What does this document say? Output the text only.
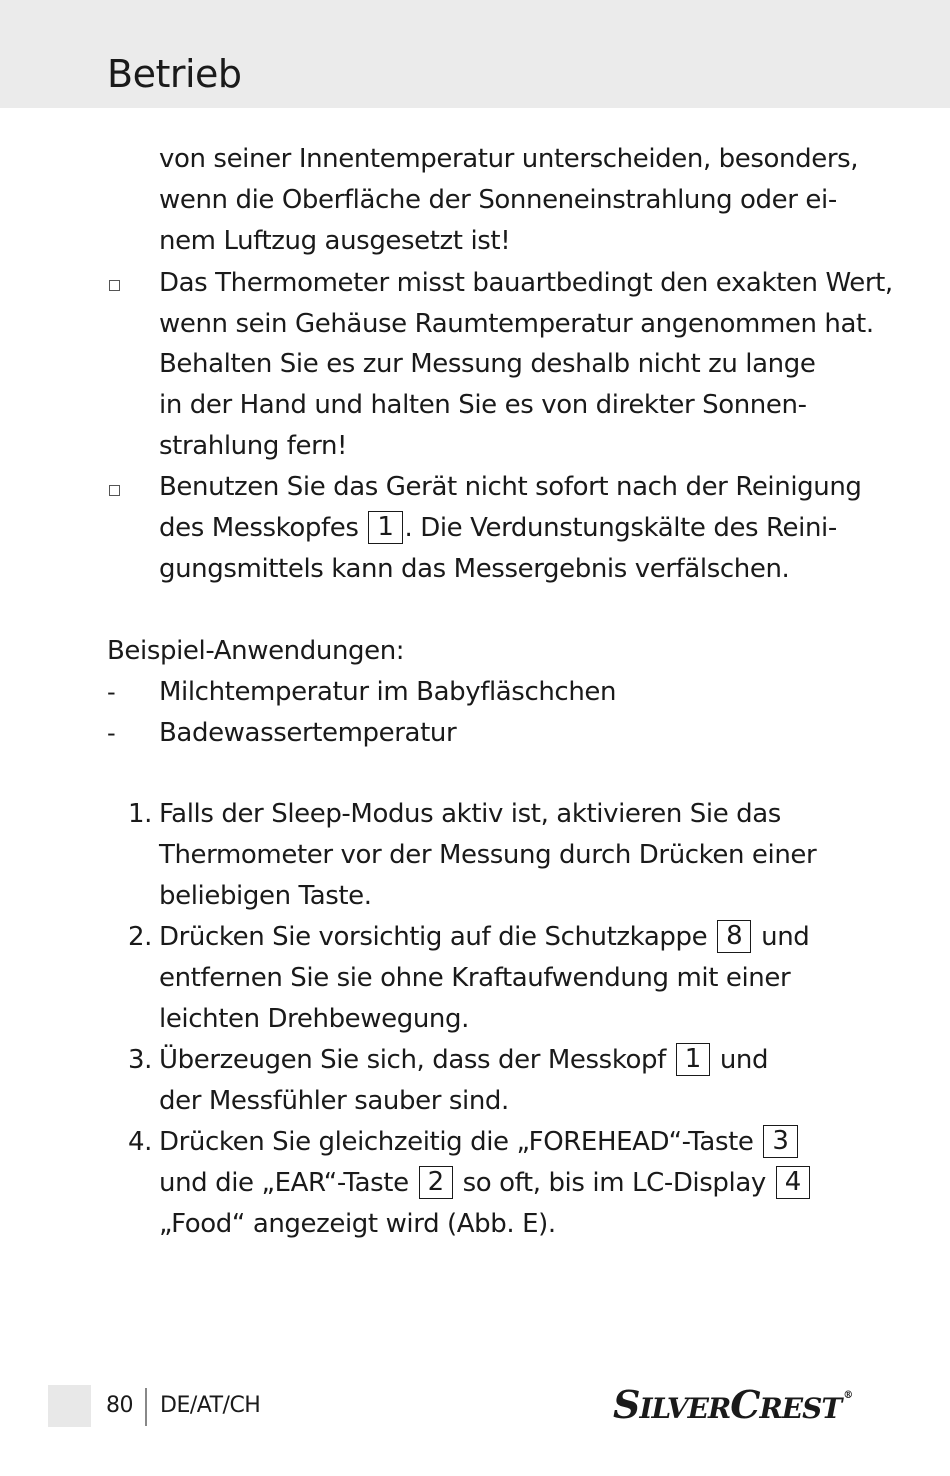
Betrieb
von seiner Innentemperatur unterscheiden, besonders,
wenn die Oberfläche der Sonneneinstrahlung oder ei-
nem Luftzug ausgesetzt ist!
Das Thermometer misst bauartbedingt den exakten Wert,
wenn sein Gehäuse Raumtemperatur angenommen hat.
Behalten Sie es zur Messung deshalb nicht zu lange
in der Hand und halten Sie es von direkter Sonnen-
strahlung fern!
Benutzen Sie das Gerät nicht sofort nach der Reinigung
des Messkopfes 1 . Die Verdunstungskälte des Reini-
gungsmittels kann das Messergebnis verfälschen.
Beispiel-Anwendungen:
- Milchtemperatur im Babyfläschchen
- Badewassertemperatur
1. Falls der Sleep-Modus aktiv ist, aktivieren Sie das
Thermometer vor der Messung durch Drücken einer
beliebigen Taste.
2. Drücken Sie vorsichtig auf die Schutzkappe 8 und
entfernen Sie sie ohne Kraftaufwendung mit einer
leichten Drehbewegung.
3. Überzeugen Sie sich, dass der Messkopf 1 und
der Messfühler sauber sind.
4. Drücken Sie gleichzeitig die „FOREHEAD“-Taste 3
und die „EAR“-Taste 2 so oft, bis im LC-Display 4
„Food“ angezeigt wird (Abb. E).
80 DE/AT/CH	SILVERCREST ®
